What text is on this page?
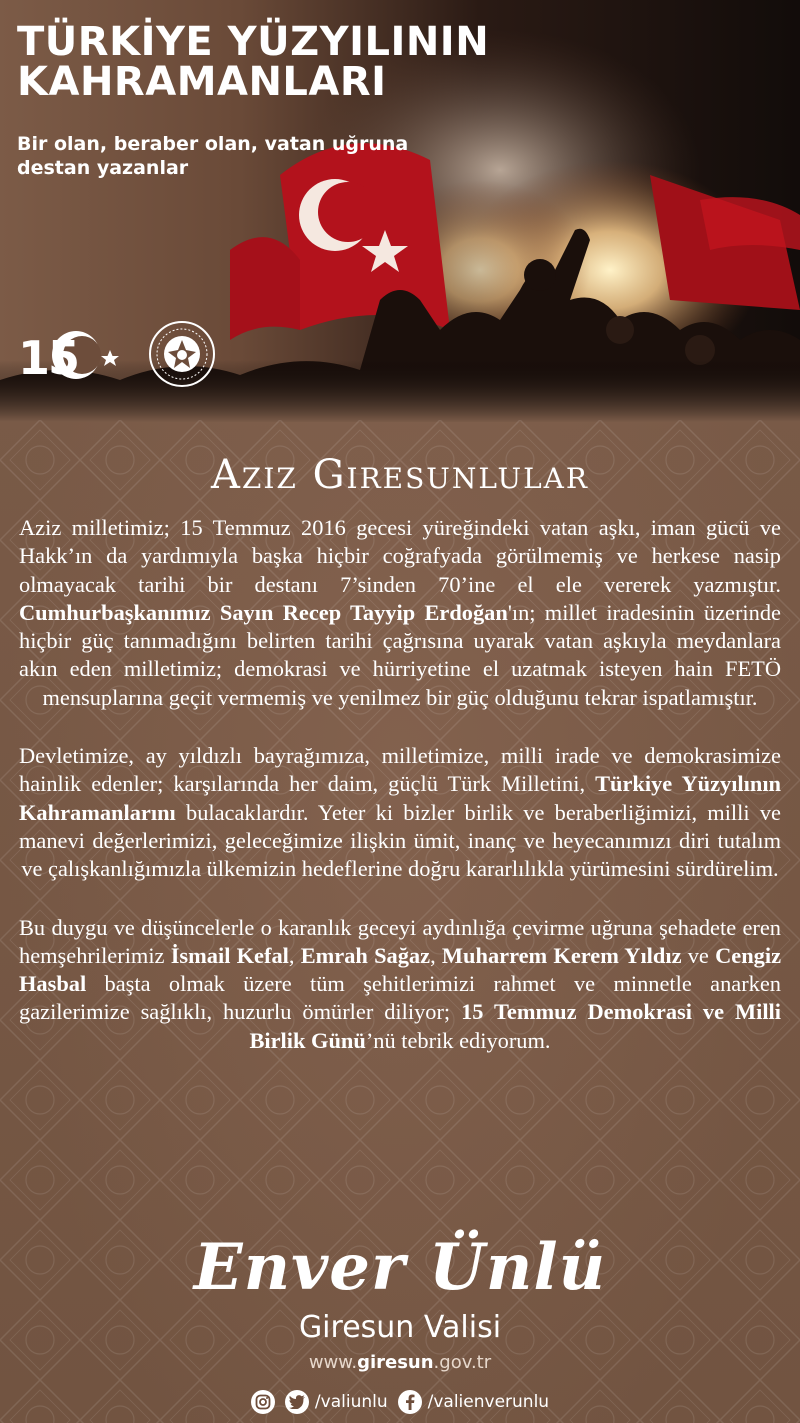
TÜRKİYE YÜZYILININ KAHRAMANLARI

Bir olan, beraber olan, vatan uğruna destan yazanlar

1
5
Aziz Giresunlular

Aziz milletimiz; 15 Temmuz 2016 gecesi yüreğindeki vatan aşkı, iman gücü ve Hakk’ın da yardımıyla başka hiçbir coğrafyada görülmemiş ve herkese nasip olmayacak tarihi bir destanı 7’sinden 70’ine el ele vererek yazmıştır. Cumhurbaşkanımız Sayın Recep Tayyip Erdoğan'ın; millet iradesinin üzerinde hiçbir güç tanımadığını belirten tarihi çağrısına uyarak vatan aşkıyla meydanlara akın eden milletimiz; demokrasi ve hürriyetine el uzatmak isteyen hain FETÖ mensuplarına geçit vermemiş ve yenilmez bir güç olduğunu tekrar ispatlamıştır.

Devletimize, ay yıldızlı bayrağımıza, milletimize, milli irade ve demokrasimize hainlik edenler; karşılarında her daim, güçlü Türk Milletini, Türkiye Yüzyılının Kahramanlarını bulacaklardır. Yeter ki bizler birlik ve beraberliğimizi, milli ve manevi değerlerimizi, geleceğimize ilişkin ümit, inanç ve heyecanımızı diri tutalım ve çalışkanlığımızla ülkemizin hedeflerine doğru kararlılıkla yürümesini sürdürelim.

Bu duygu ve düşüncelerle o karanlık geceyi aydınlığa çevirme uğruna şehadete eren hemşehrilerimiz İsmail Kefal, Emrah Sağaz, Muharrem Kerem Yıldız ve Cengiz Hasbal başta olmak üzere tüm şehitlerimizi rahmet ve minnetle anarken gazilerimize sağlıklı, huzurlu ömürler diliyor; 15 Temmuz Demokrasi ve Milli Birlik Günü’nü tebrik ediyorum.

Enver Ünlü
Giresun Valisi
www.giresun.gov.tr
/valiunlu /valienverunlu
